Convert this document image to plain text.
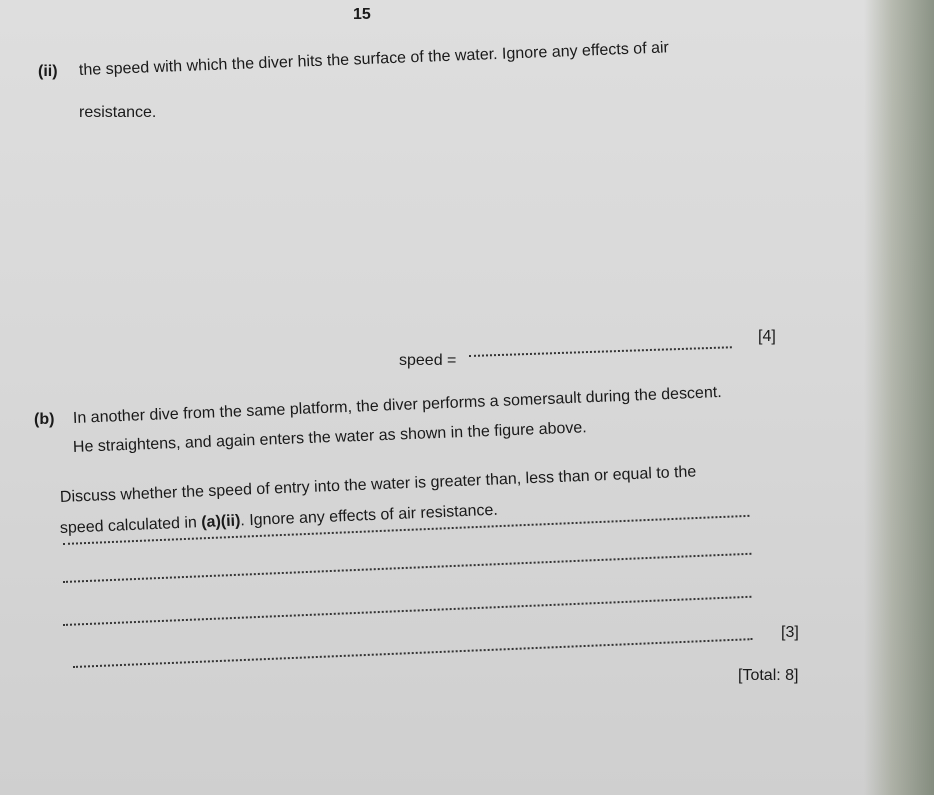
15
(ii) the speed with which the diver hits the surface of the water. Ignore any effects of air
resistance.
speed =
[4]
(b) In another dive from the same platform, the diver performs a somersault during the descent.
He straightens, and again enters the water as shown in the figure above.
Discuss whether the speed of entry into the water is greater than, less than or equal to the
speed calculated in (a)(ii). Ignore any effects of air resistance.
[3]
[Total: 8]
